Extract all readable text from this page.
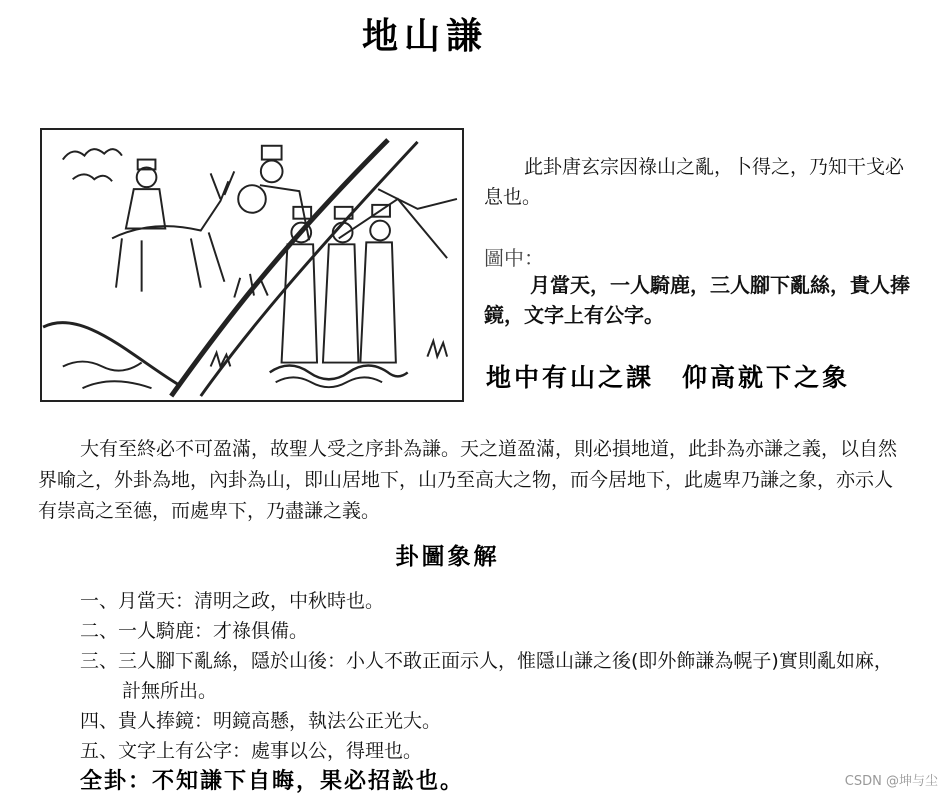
地山謙
此卦唐玄宗因祿山之亂，卜得之，乃知干戈必息也。
圖中：
月當天，一人騎鹿，三人腳下亂絲，貴人捧鏡，文字上有公字。
地中有山之課　仰高就下之象

大有至終必不可盈滿，故聖人受之序卦為謙。天之道盈滿，則必損地道，此卦為亦謙之義，以自然界喻之，外卦為地，內卦為山，即山居地下，山乃至高大之物，而今居地下，此處卑乃謙之象，亦示人有崇高之至德，而處卑下，乃盡謙之義。

卦圖象解
一、月當天：清明之政，中秋時也。
二、一人騎鹿：才祿俱備。
三、三人腳下亂絲，隱於山後：小人不敢正面示人，惟隱山謙之後(即外飾謙為幌子)實則亂如麻，計無所出。
四、貴人捧鏡：明鏡高懸，執法公正光大。
五、文字上有公字：處事以公，得理也。
全卦：不知謙下自晦，果必招訟也。	CSDN @坤与尘
